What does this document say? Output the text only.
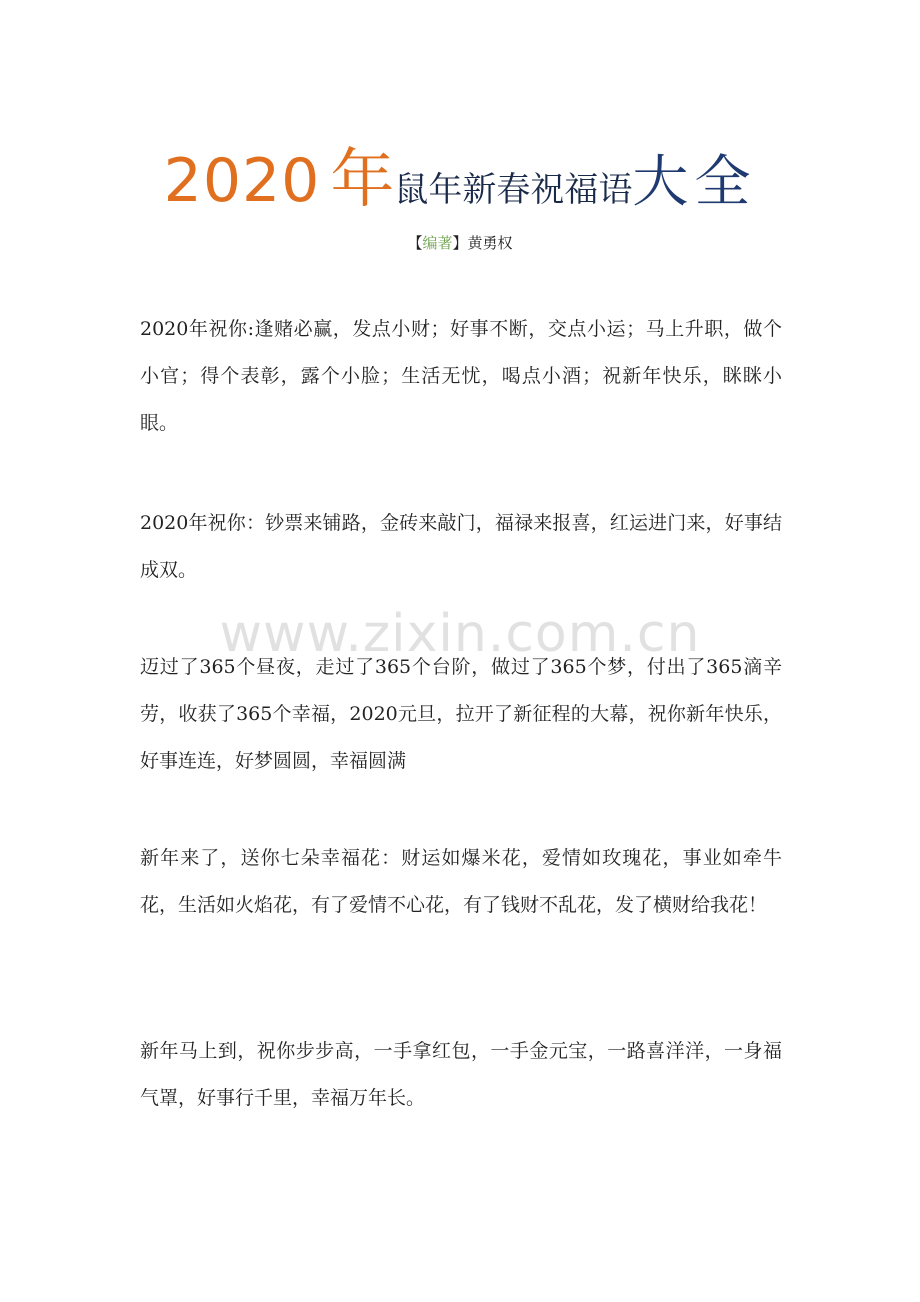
2020 年鼠年新春祝福语大全
【编著】黄勇权
2020年祝你:逢赌必赢，发点小财；好事不断，交点小运；马上升职，做个小官；得个表彰，露个小脸；生活无忧，喝点小酒；祝新年快乐，眯眯小眼。
2020年祝你：钞票来铺路，金砖来敲门，福禄来报喜，红运进门来，好事结成双。
迈过了365个昼夜，走过了365个台阶，做过了365个梦，付出了365滴辛劳，收获了365个幸福，2020元旦，拉开了新征程的大幕，祝你新年快乐，好事连连，好梦圆圆，幸福圆满
新年来了，送你七朵幸福花：财运如爆米花，爱情如玫瑰花，事业如牵牛花，生活如火焰花，有了爱情不心花，有了钱财不乱花，发了横财给我花！
新年马上到，祝你步步高，一手拿红包，一手金元宝，一路喜洋洋，一身福气罩，好事行千里，幸福万年长。
www.zixin.com.cn
